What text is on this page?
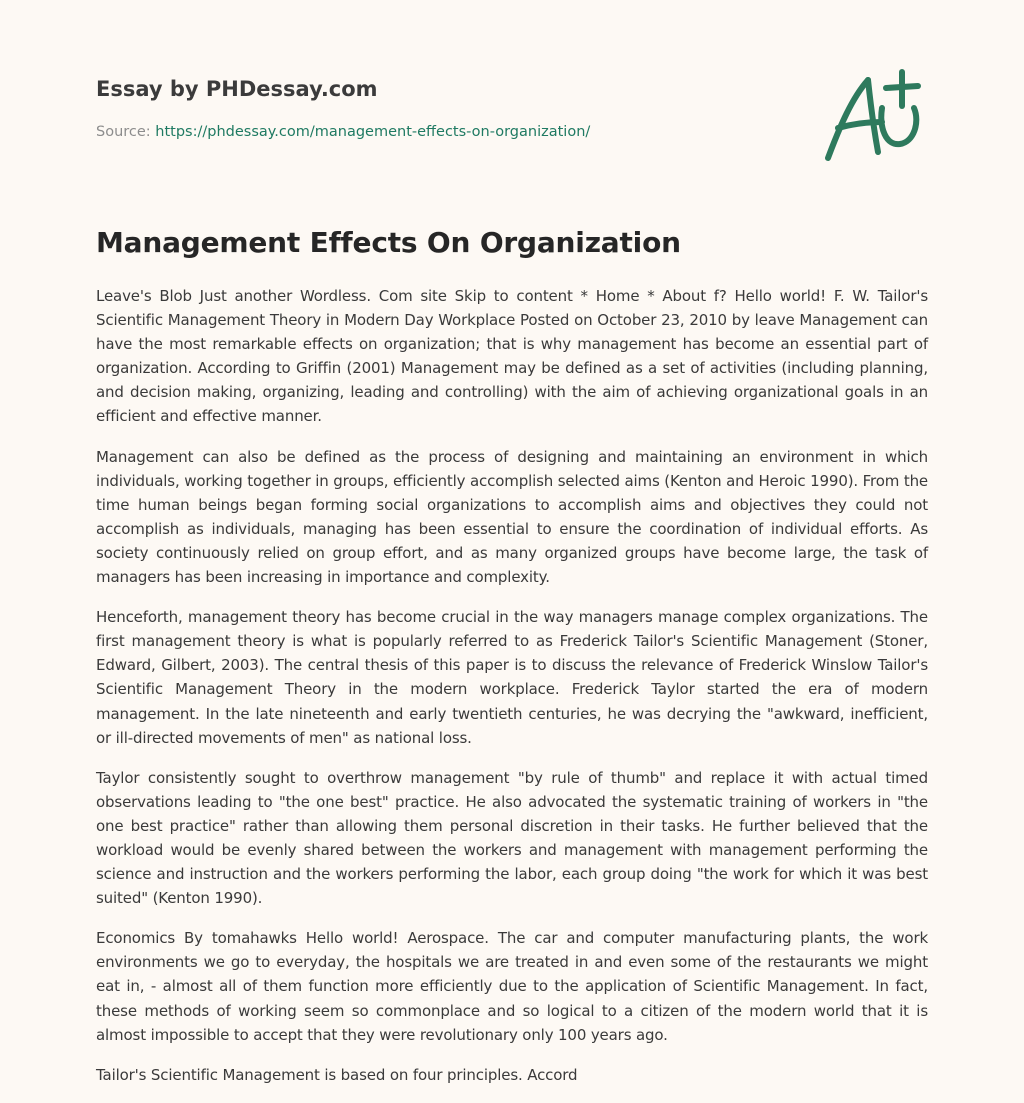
Essay by PHDessay.com

Source: https://phdessay.com/management-effects-on-organization/

Management Effects On Organization

Leave's Blob Just another Wordless. Com site Skip to content * Home * About f? Hello world! F. W. Tailor's Scientific Management Theory in Modern Day Workplace Posted on October 23, 2010 by leave Management can have the most remarkable effects on organization; that is why management has become an essential part of organization. According to Griffin (2001) Management may be defined as a set of activities (including planning, and decision making, organizing, leading and controlling) with the aim of achieving organizational goals in an efficient and effective manner.

Management can also be defined as the process of designing and maintaining an environment in which individuals, working together in groups, efficiently accomplish selected aims (Kenton and Heroic 1990). From the time human beings began forming social organizations to accomplish aims and objectives they could not accomplish as individuals, managing has been essential to ensure the coordination of individual efforts. As society continuously relied on group effort, and as many organized groups have become large, the task of managers has been increasing in importance and complexity.

Henceforth, management theory has become crucial in the way managers manage complex organizations. The first management theory is what is popularly referred to as Frederick Tailor's Scientific Management (Stoner, Edward, Gilbert, 2003). The central thesis of this paper is to discuss the relevance of Frederick Winslow Tailor's Scientific Management Theory in the modern workplace. Frederick Taylor started the era of modern management. In the late nineteenth and early twentieth centuries, he was decrying the "awkward, inefficient, or ill-directed movements of men" as national loss.

Taylor consistently sought to overthrow management "by rule of thumb" and replace it with actual timed observations leading to "the one best" practice. He also advocated the systematic training of workers in "the one best practice" rather than allowing them personal discretion in their tasks. He further believed that the workload would be evenly shared between the workers and management with management performing the science and instruction and the workers performing the labor, each group doing "the work for which it was best suited" (Kenton 1990).

Economics By tomahawks Hello world! Aerospace. The car and computer manufacturing plants, the work environments we go to everyday, the hospitals we are treated in and even some of the restaurants we might eat in, - almost all of them function more efficiently due to the application of Scientific Management. In fact, these methods of working seem so commonplace and so logical to a citizen of the modern world that it is almost impossible to accept that they were revolutionary only 100 years ago.

Tailor's Scientific Management is based on four principles. Accord
